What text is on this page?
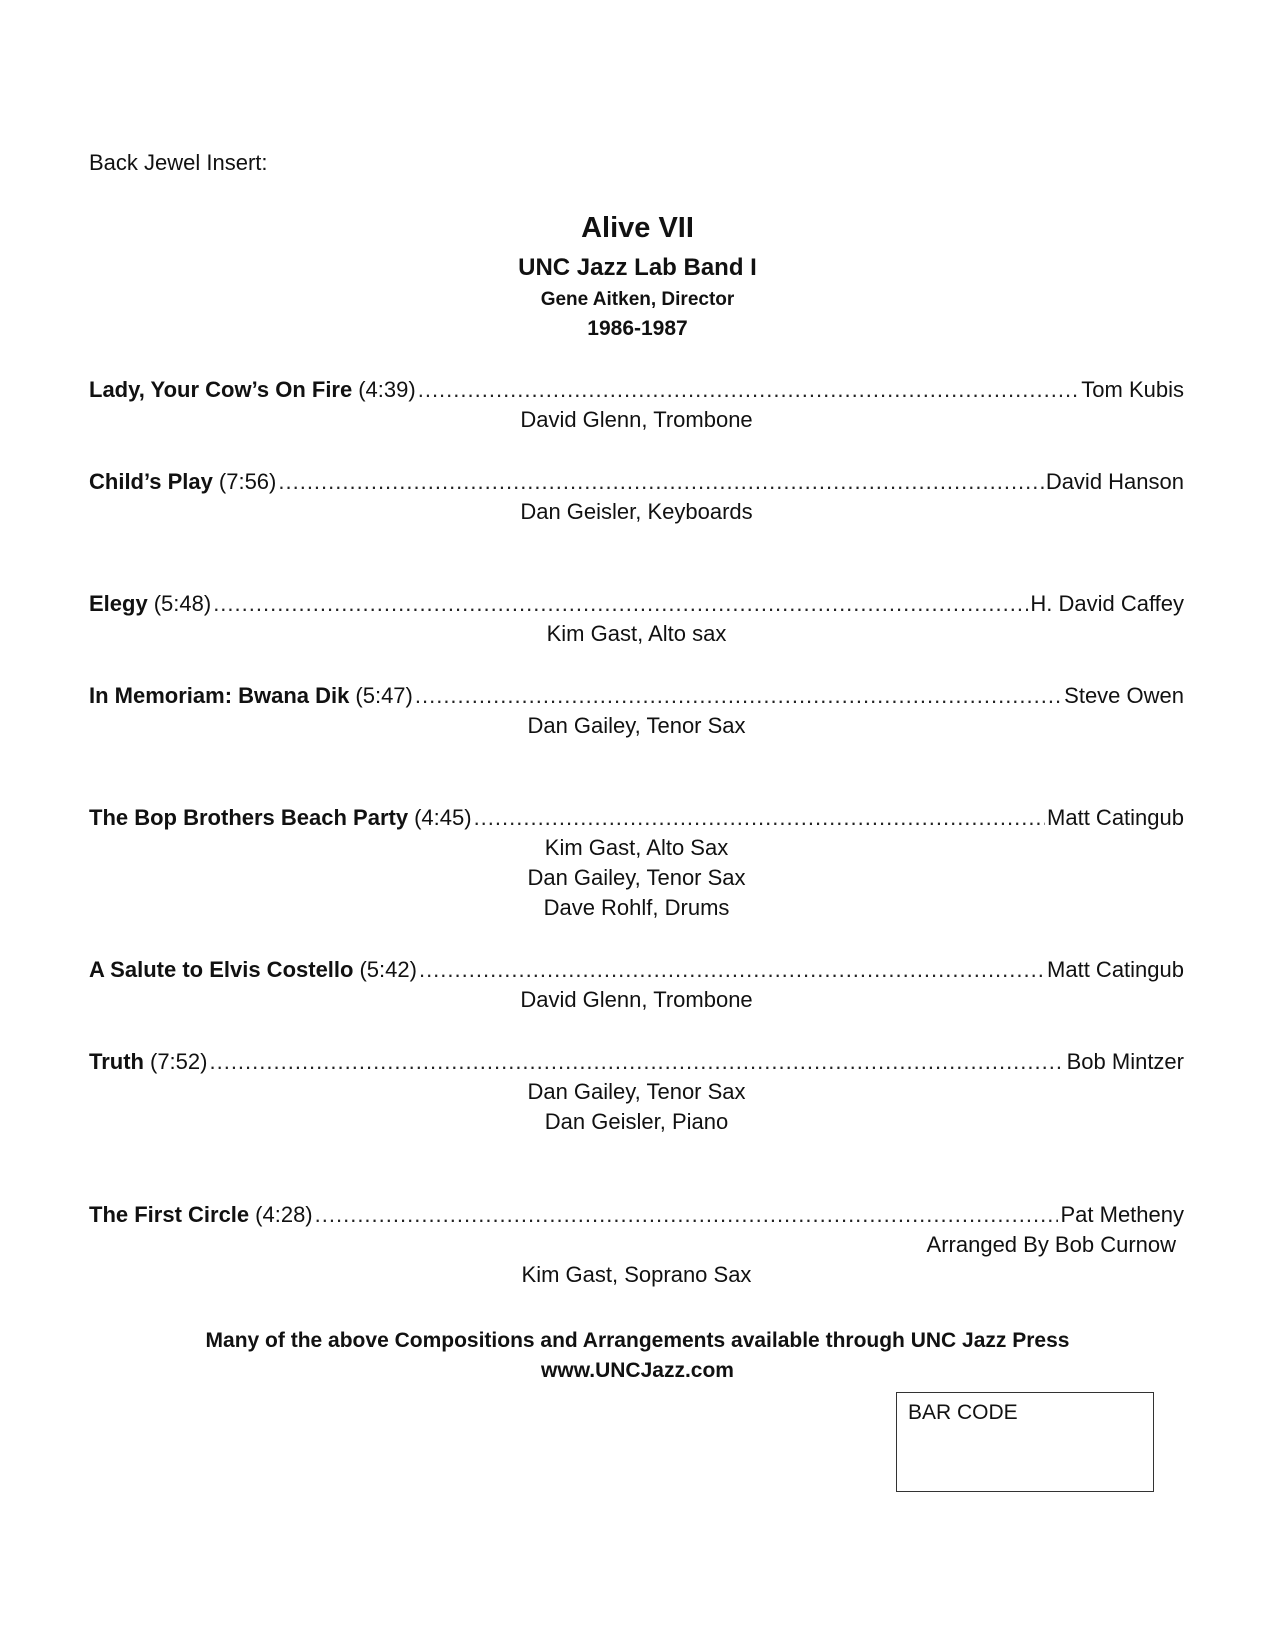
Back Jewel Insert:
Alive VII
UNC Jazz Lab Band I
Gene Aitken, Director
1986-1987
Lady, Your Cow’s On Fire (4:39) .....	Tom Kubis
David Glenn, Trombone
Child’s Play (7:56) .....	David Hanson
Dan Geisler, Keyboards
Elegy (5:48) .....	H. David Caffey
Kim Gast, Alto sax
In Memoriam: Bwana Dik (5:47) .....	Steve Owen
Dan Gailey, Tenor Sax
The Bop Brothers Beach Party (4:45) .....	Matt Catingub
Kim Gast, Alto Sax
Dan Gailey, Tenor Sax
Dave Rohlf, Drums
A Salute to Elvis Costello (5:42) .....	Matt Catingub
David Glenn, Trombone
Truth (7:52) .....	Bob Mintzer
Dan Gailey, Tenor Sax
Dan Geisler, Piano
The First Circle (4:28) .....	Pat Metheny
Arranged By Bob Curnow
Kim Gast, Soprano Sax
Many of the above Compositions and Arrangements available through UNC Jazz Press
www.UNCJazz.com
BAR CODE
